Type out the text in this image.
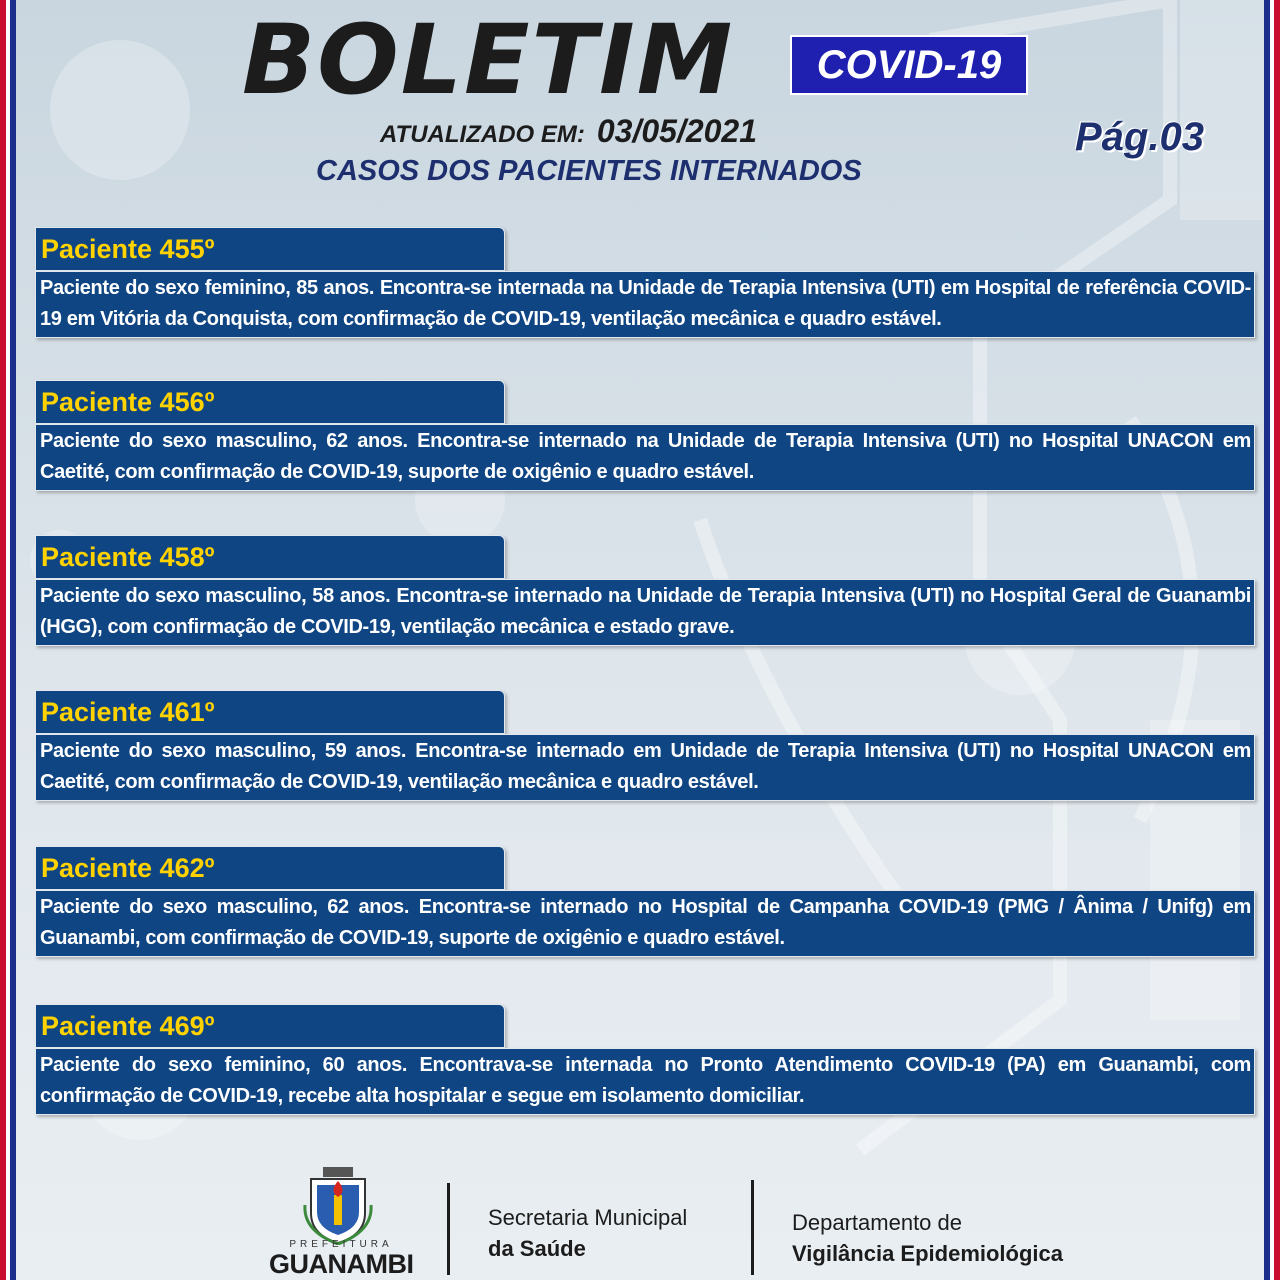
BOLETIM	COVID-19
ATUALIZADO EM: 03/05/2021
CASOS DOS PACIENTES INTERNADOS
Pág.03
Paciente 455º
Paciente do sexo feminino, 85 anos. Encontra-se internada na Unidade de Terapia Intensiva (UTI) em Hospital de referência COVID-19 em Vitória da Conquista, com confirmação de COVID-19, ventilação mecânica e quadro estável.
Paciente 456º
Paciente do sexo masculino, 62 anos. Encontra-se internado na Unidade de Terapia Intensiva (UTI) no Hospital UNACON em Caetité, com confirmação de COVID-19, suporte de oxigênio e quadro estável.
Paciente 458º
Paciente do sexo masculino, 58 anos. Encontra-se internado na Unidade de Terapia Intensiva (UTI) no Hospital Geral de Guanambi (HGG), com confirmação de COVID-19, ventilação mecânica e estado grave.
Paciente 461º
Paciente do sexo masculino, 59 anos. Encontra-se internado em Unidade de Terapia Intensiva (UTI) no Hospital UNACON em Caetité, com confirmação de COVID-19, ventilação mecânica e quadro estável.
Paciente 462º
Paciente do sexo masculino, 62 anos. Encontra-se internado no Hospital de Campanha COVID-19 (PMG / Ânima / Unifg) em Guanambi, com confirmação de COVID-19, suporte de oxigênio e quadro estável.
Paciente 469º
Paciente do sexo feminino, 60 anos. Encontrava-se internada no Pronto Atendimento COVID-19 (PA) em Guanambi, com confirmação de COVID-19, recebe alta hospitalar e segue em isolamento domiciliar.
PREFEITURA
GUANAMBI
Secretaria Municipal
da Saúde
Departamento de
Vigilância Epidemiológica
